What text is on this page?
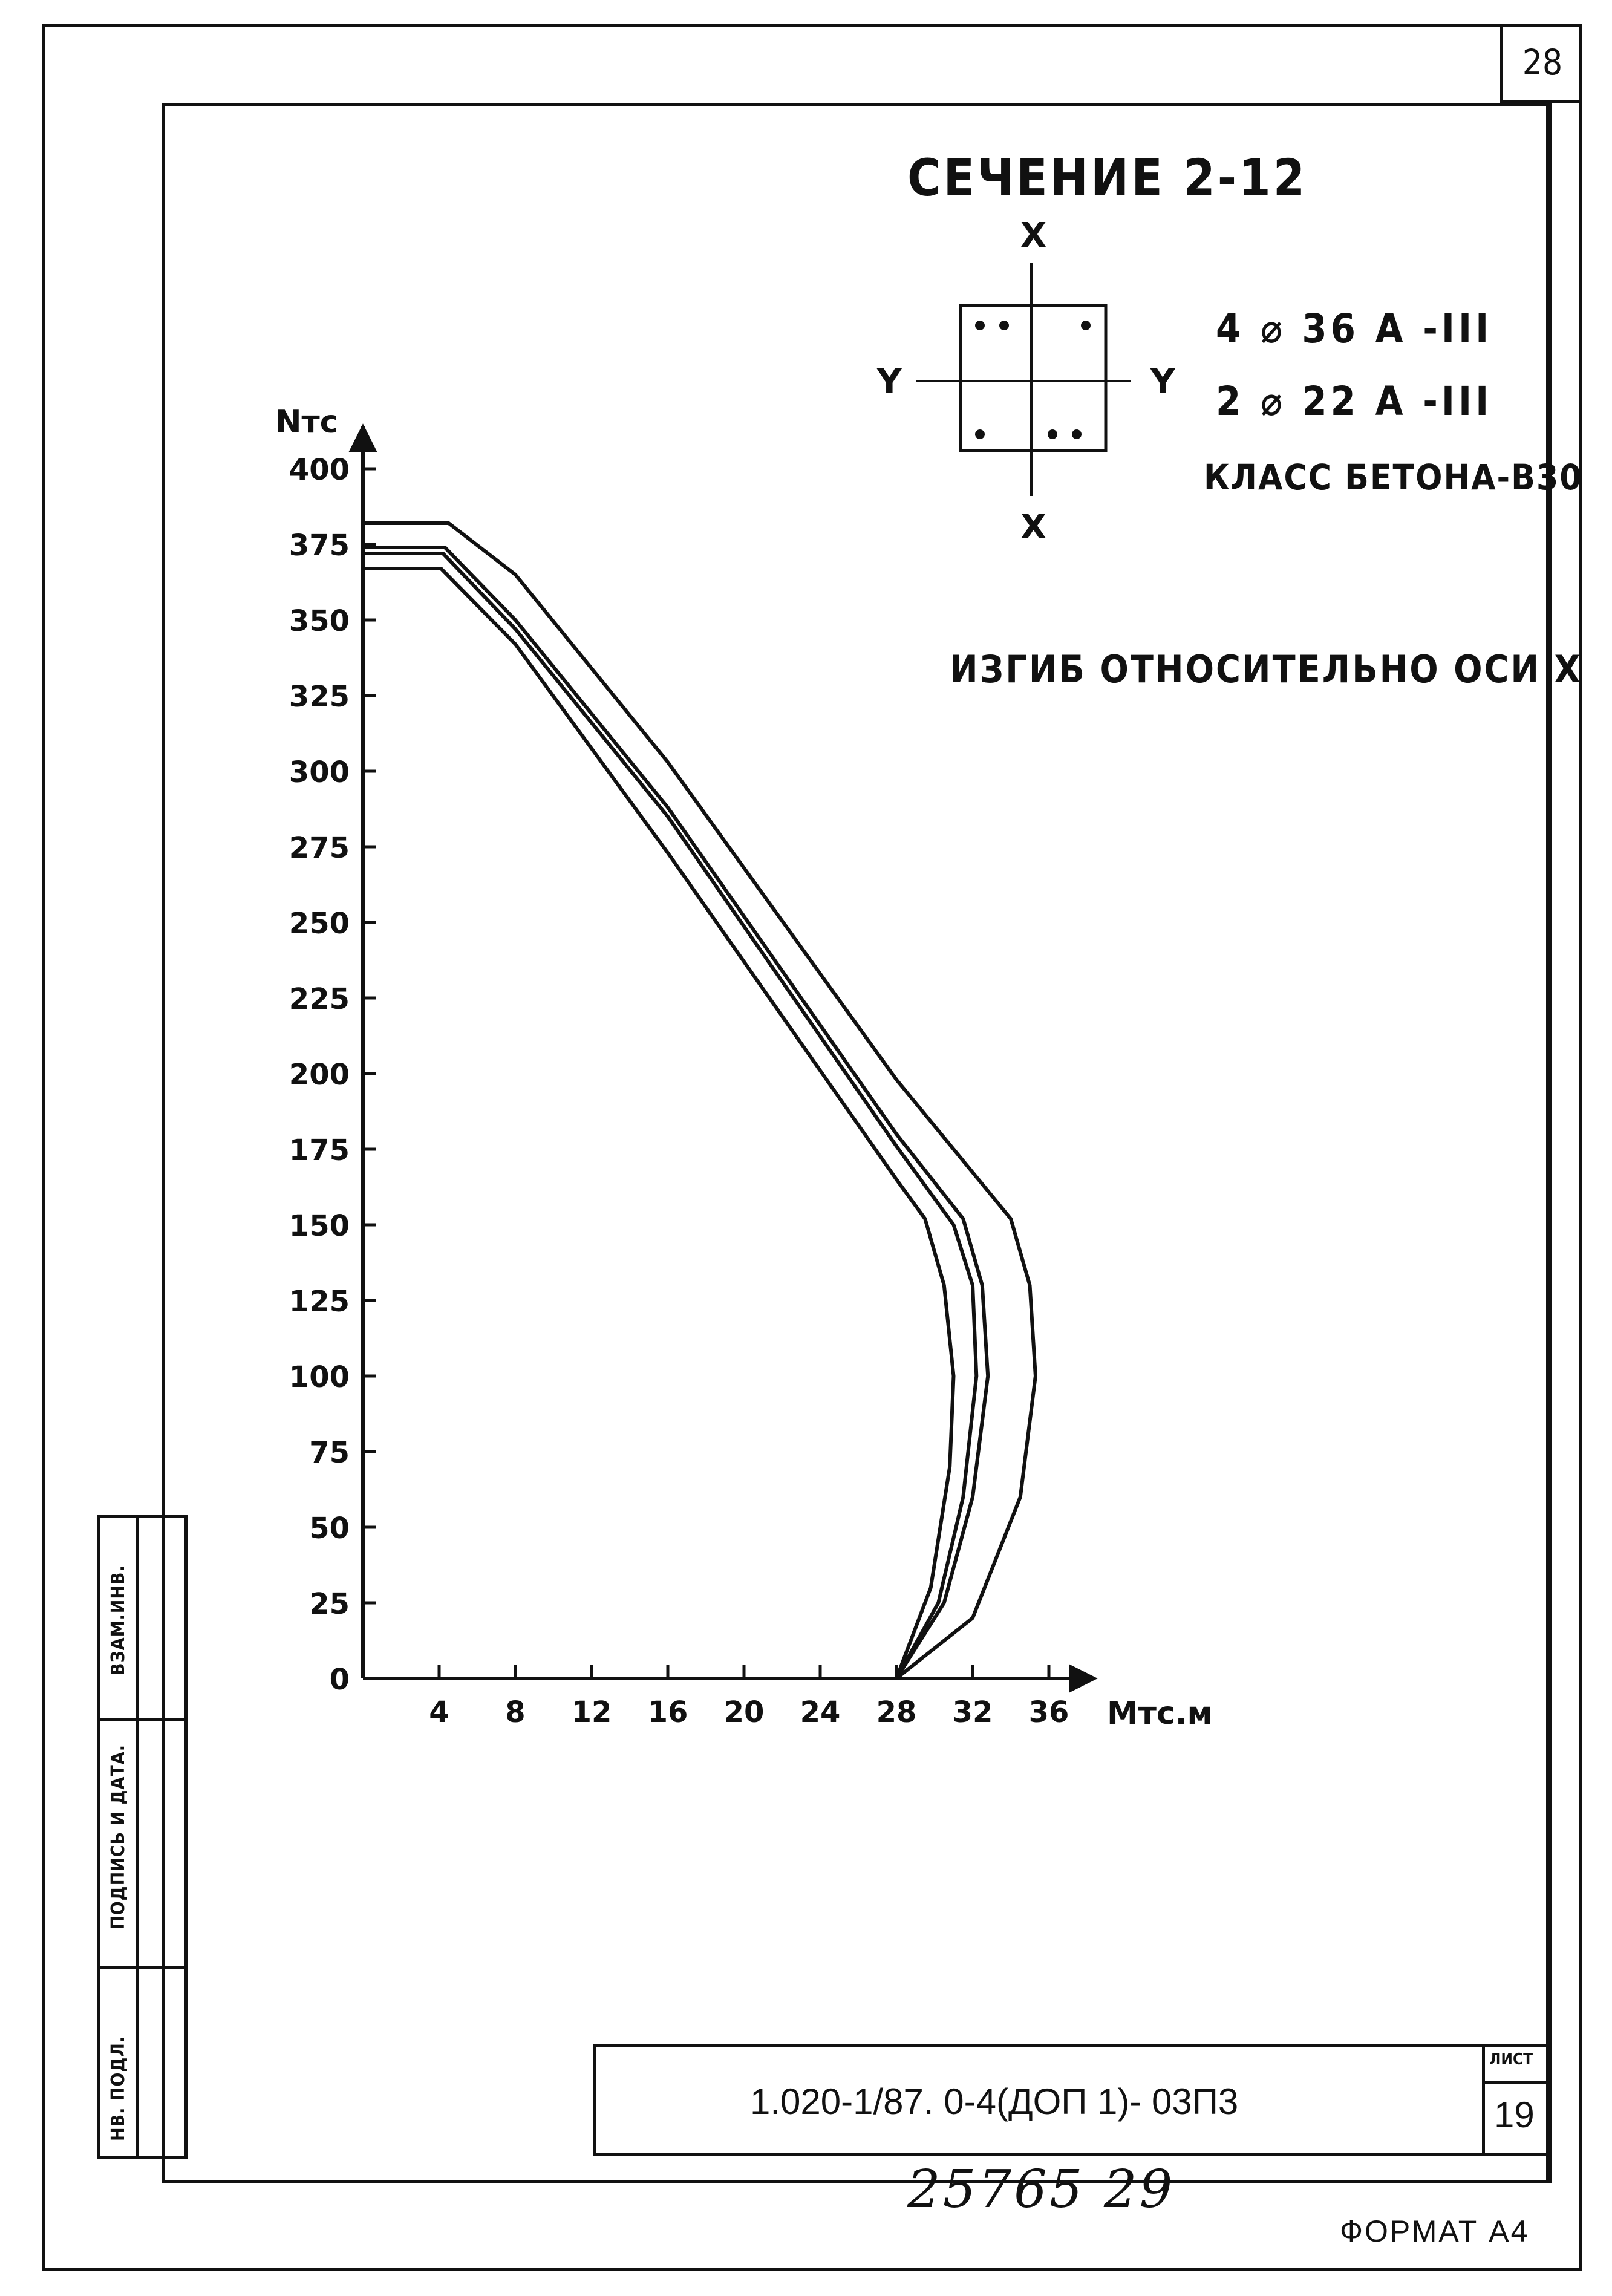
28
СЕЧЕНИЕ 2-12
X
X
Y	Y
4 ⌀ 36 А -III
2 ⌀ 22 А -III
КЛАСС БЕТОНА-В30
ИЗГИБ ОТНОСИТЕЛЬНО ОСИ X
0
25
50
75
100
125
150
175
200
225
250
275
300
325
350
375
400
4 8 12 16 20 24 28 32 36
Nтс
Mтс.м
ВЗАМ.ИНВ.
ПОДПИСЬ И ДАТА.
НВ. ПОДЛ.	1.020-1/87. 0-4(ДОП 1)- 03П3
ЛИСТ
19
25765 29
ФОРМАТ А4
